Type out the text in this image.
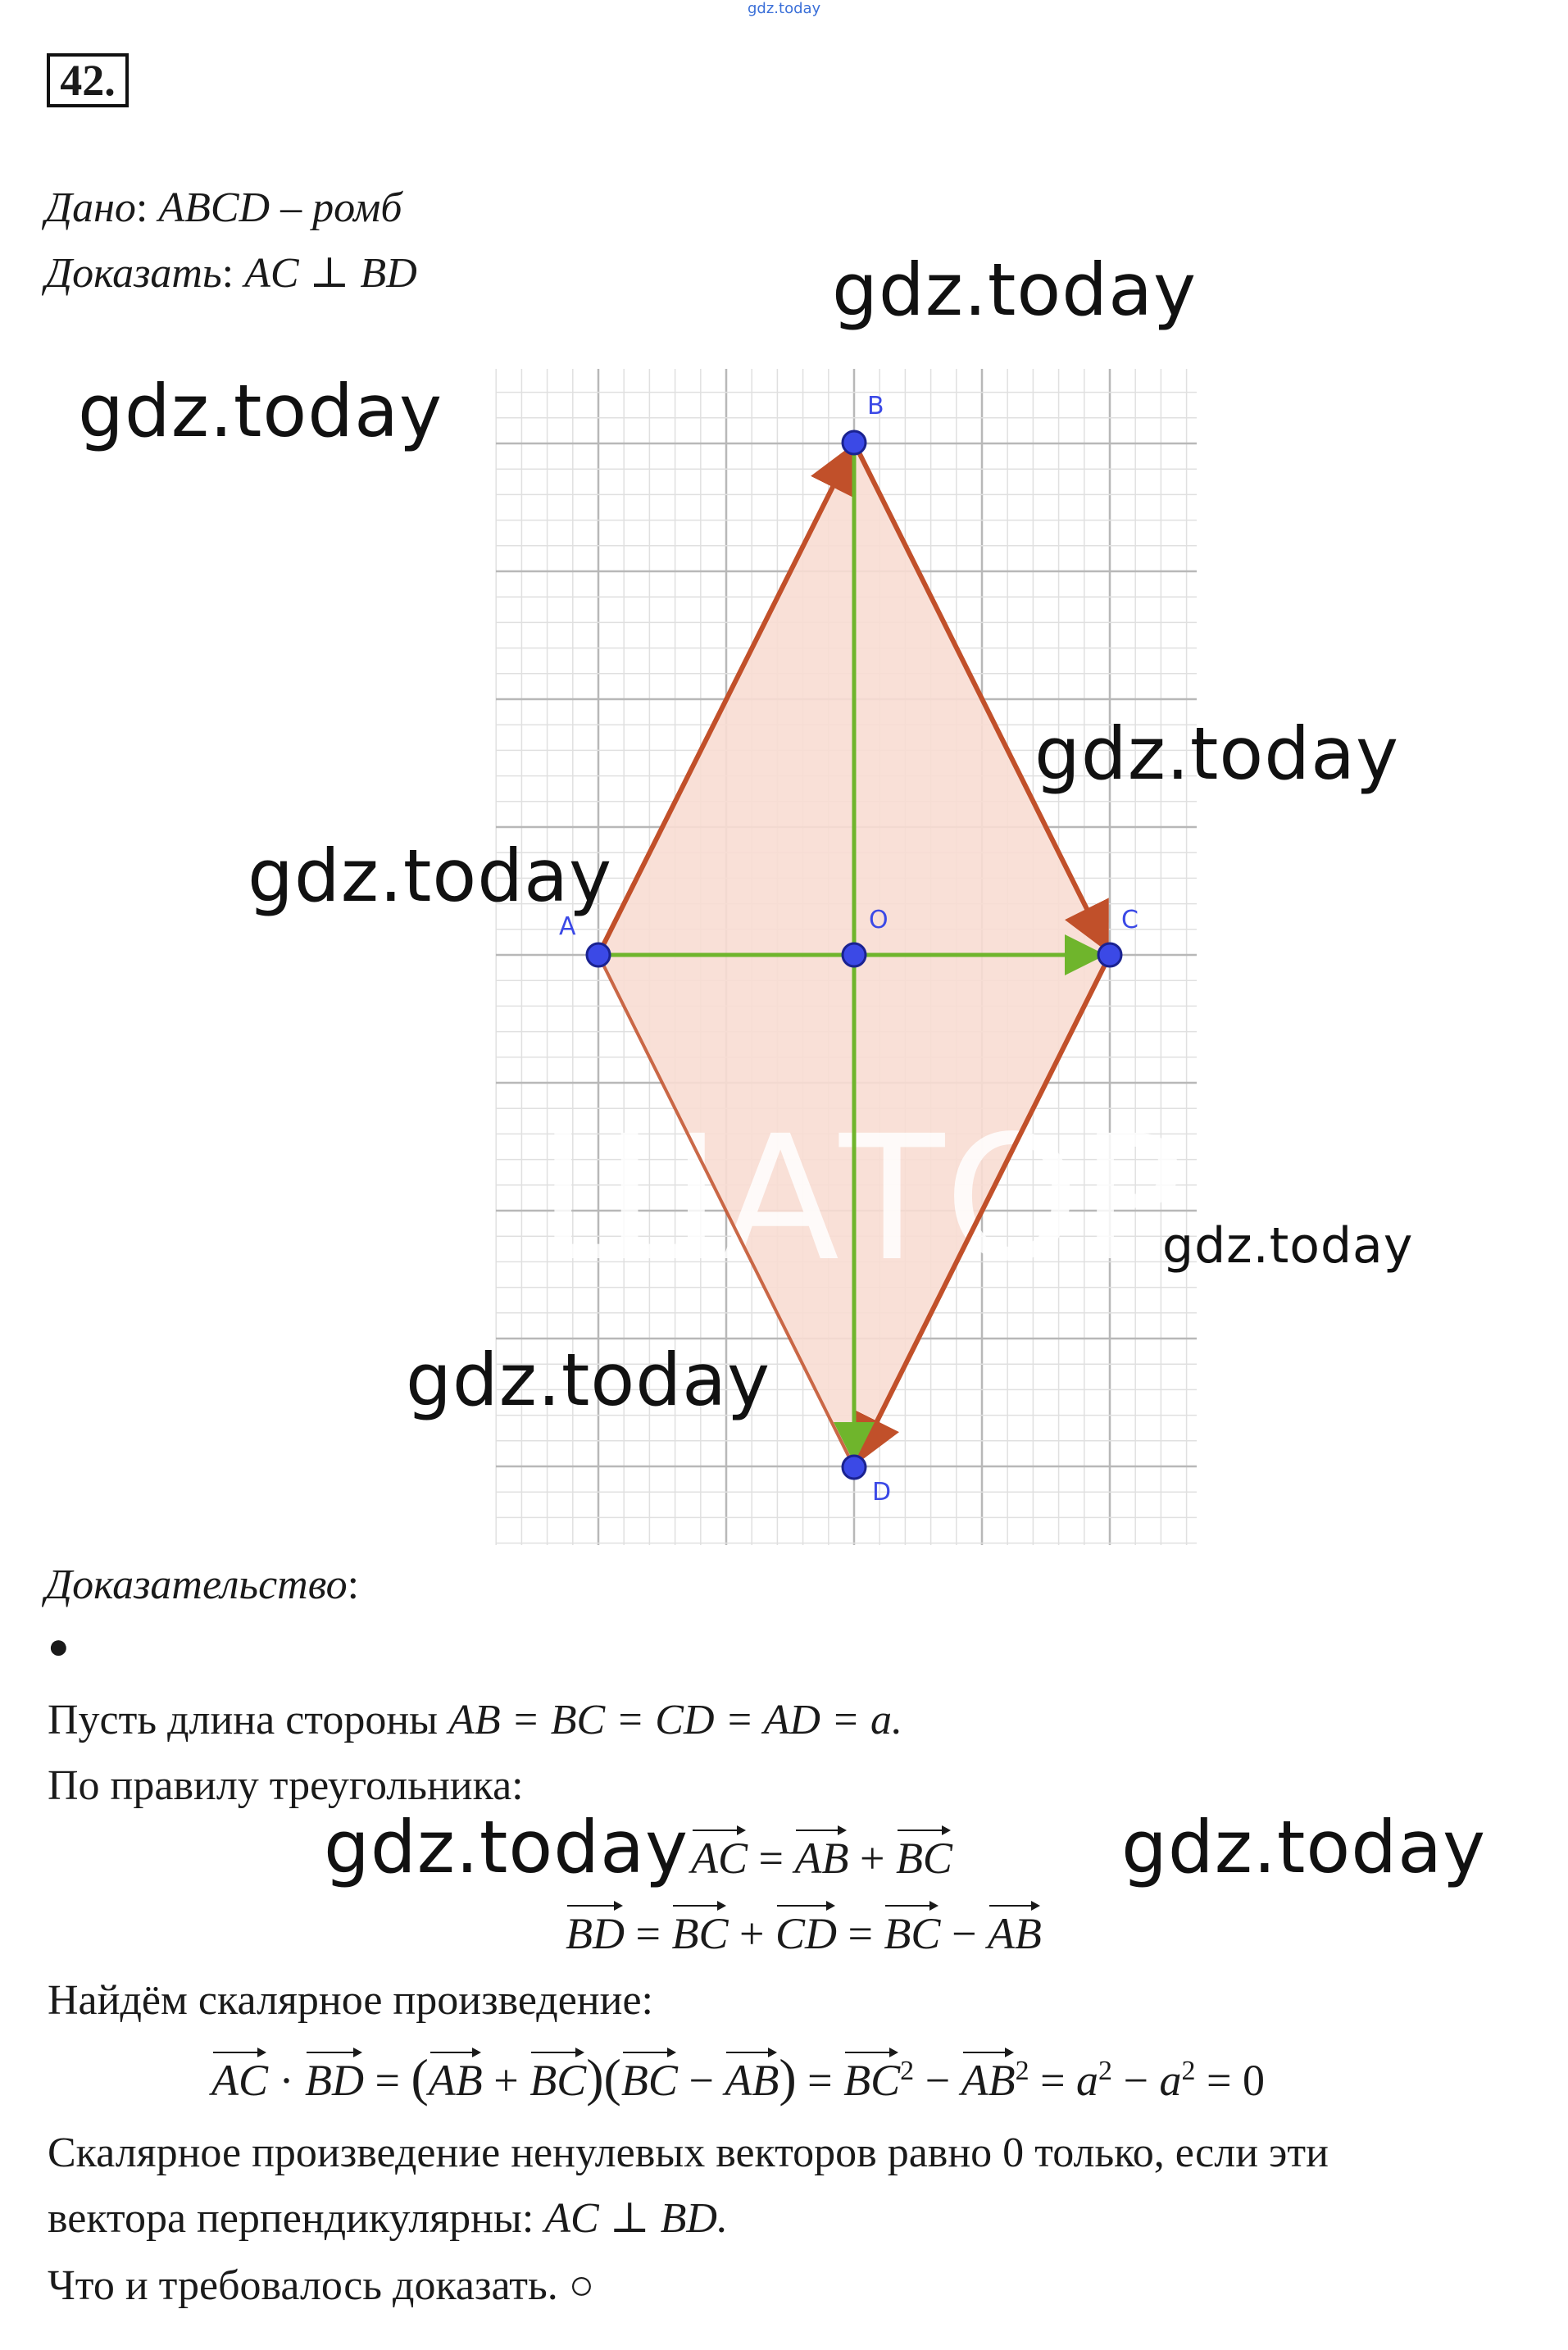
gdz.today
42.
Дано: ABCD – ромб
Доказать: AC ⊥ BD
ШАТОР
A
B
C
D
O
gdz.today
gdz.today
gdz.today
gdz.today
gdz.today
gdz.today
gdz.today	gdz.today
Доказательство:
●
Пусть длина стороны AB = BC = CD = AD = a.
По правилу треугольника:
AC = AB + BC
BD = BC + CD = BC − AB
Найдём скалярное произведение:
AC · BD = $(AB + BC)(BC - AB) = BC^2 - AB^2 = a^2 - a^2 = 0$
Скалярное произведение ненулевых векторов равно 0 только, если эти
вектора перпендикулярны: AC ⊥ BD.
Что и требовалось доказать. ○
